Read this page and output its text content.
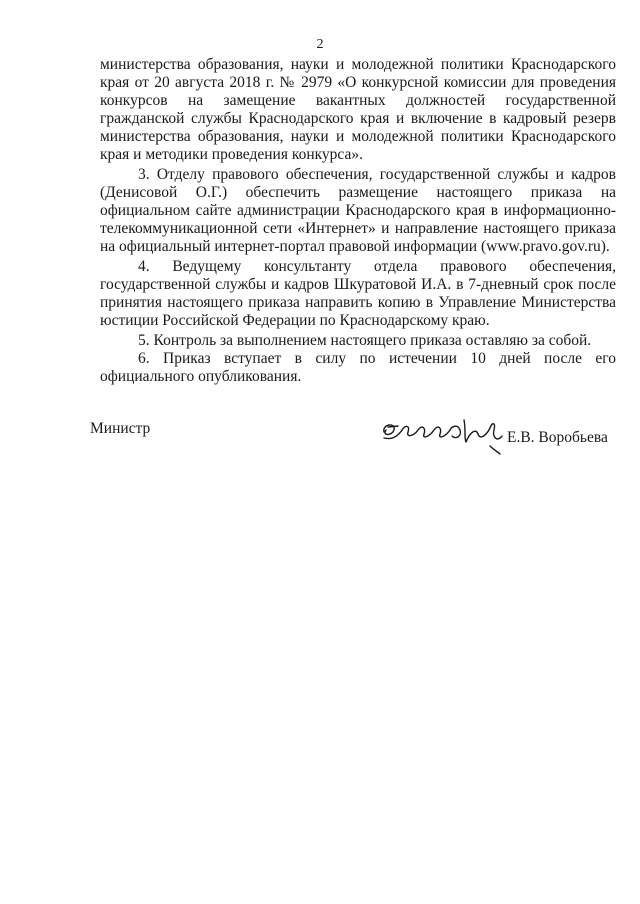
2

министерства образования, науки и молодежной политики Краснодарского края от 20 августа 2018 г. № 2979 «О конкурсной комиссии для проведения конкурсов на замещение вакантных должностей государственной гражданской службы Краснодарского края и включение в кадровый резерв министерства образования, науки и молодежной политики Краснодарского края и методики проведения конкурса».

3. Отделу правового обеспечения, государственной службы и кадров (Денисовой О.Г.) обеспечить размещение настоящего приказа на официальном сайте администрации Краснодарского края в информационно-телекоммуникационной сети «Интернет» и направление настоящего приказа на официальный интернет-портал правовой информации (www.pravo.gov.ru).

4. Ведущему консультанту отдела правового обеспечения, государственной службы и кадров Шкуратовой И.А. в 7-дневный срок после принятия настоящего приказа направить копию в Управление Министерства юстиции Российской Федерации по Краснодарскому краю.

5. Контроль за выполнением настоящего приказа оставляю за собой.

6. Приказ вступает в силу по истечении 10 дней после его официального опубликования.

Министр
Е.В. Воробьева
